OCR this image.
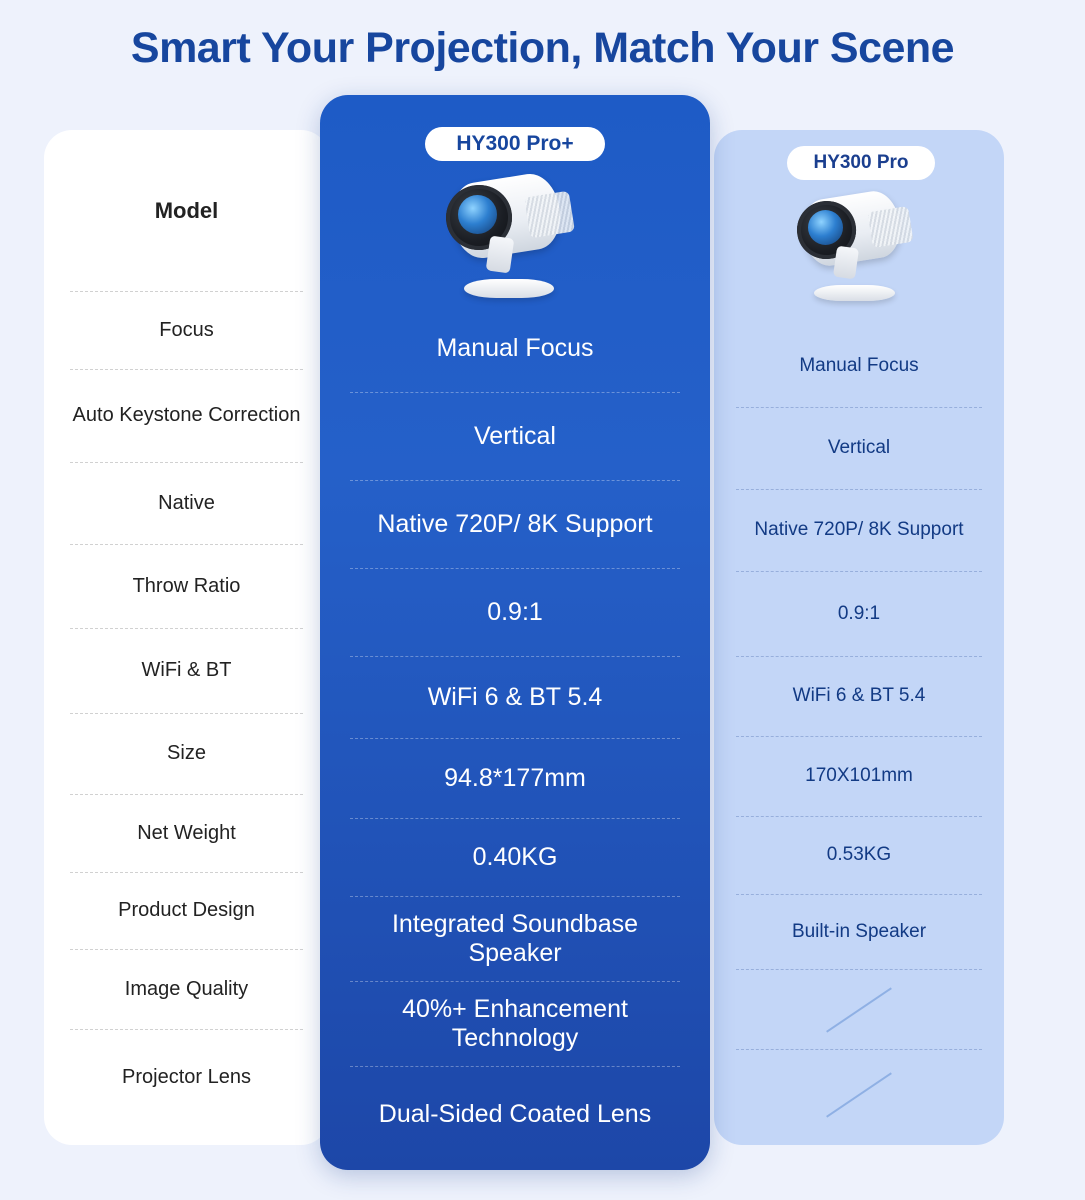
Smart Your Projection, Match Your Scene
Model
Focus
Auto Keystone Correction
Native
Throw Ratio
WiFi & BT
Size
Net Weight
Product Design
Image Quality
Projector Lens
HY300 Pro
Manual Focus
Vertical
Native 720P/ 8K Support
0.9:1
WiFi 6 & BT 5.4
170X101mm
0.53KG
Built-in Speaker
HY300 Pro+
Manual Focus
Vertical
Native 720P/ 8K Support
0.9:1
WiFi 6 & BT 5.4
94.8*177mm
0.40KG
Integrated Soundbase Speaker
40%+ Enhancement Technology
Dual-Sided Coated Lens
